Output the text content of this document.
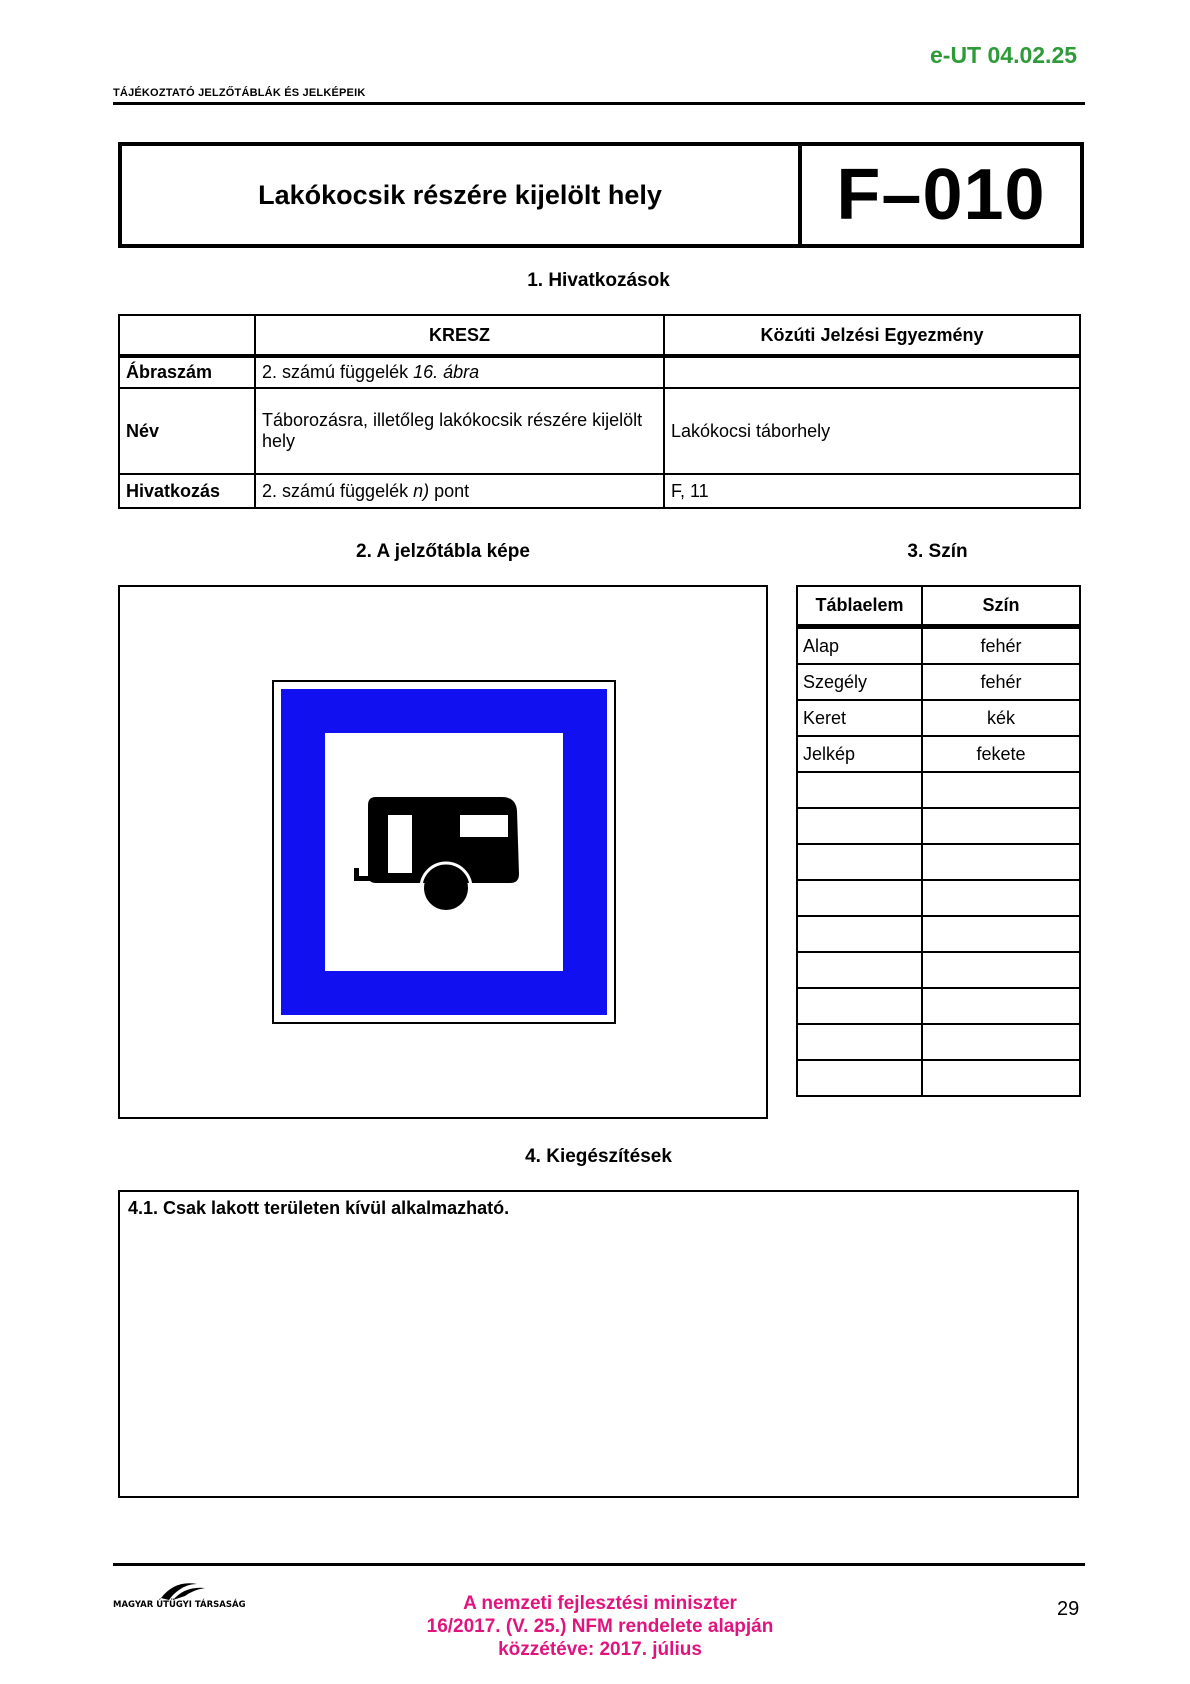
e-UT 04.02.25
TÁJÉKOZTATÓ JELZŐTÁBLÁK ÉS JELKÉPEIK
Lakókocsik részére kijelölt hely	F–010
1. Hivatkozások
	KRESZ	Közúti Jelzési Egyezmény
Ábraszám	2. számú függelék 16. ábra	
Név	Táborozásra, illetőleg lakókocsik részére kijelölt hely	Lakókocsi táborhely
Hivatkozás	2. számú függelék n) pont	F, 11
2. A jelzőtábla képe	3. Szín
Táblaelem	Szín
Alap	fehér
Szegély	fehér
Keret	kék
Jelkép	fekete

4. Kiegészítések
4.1. Csak lakott területen kívül alkalmazható.
MAGYAR ÚTÜGYI TÁRSASÁG	A nemzeti fejlesztési miniszter
16/2017. (V. 25.) NFM rendelete alapján
közzétéve: 2017. július
29
